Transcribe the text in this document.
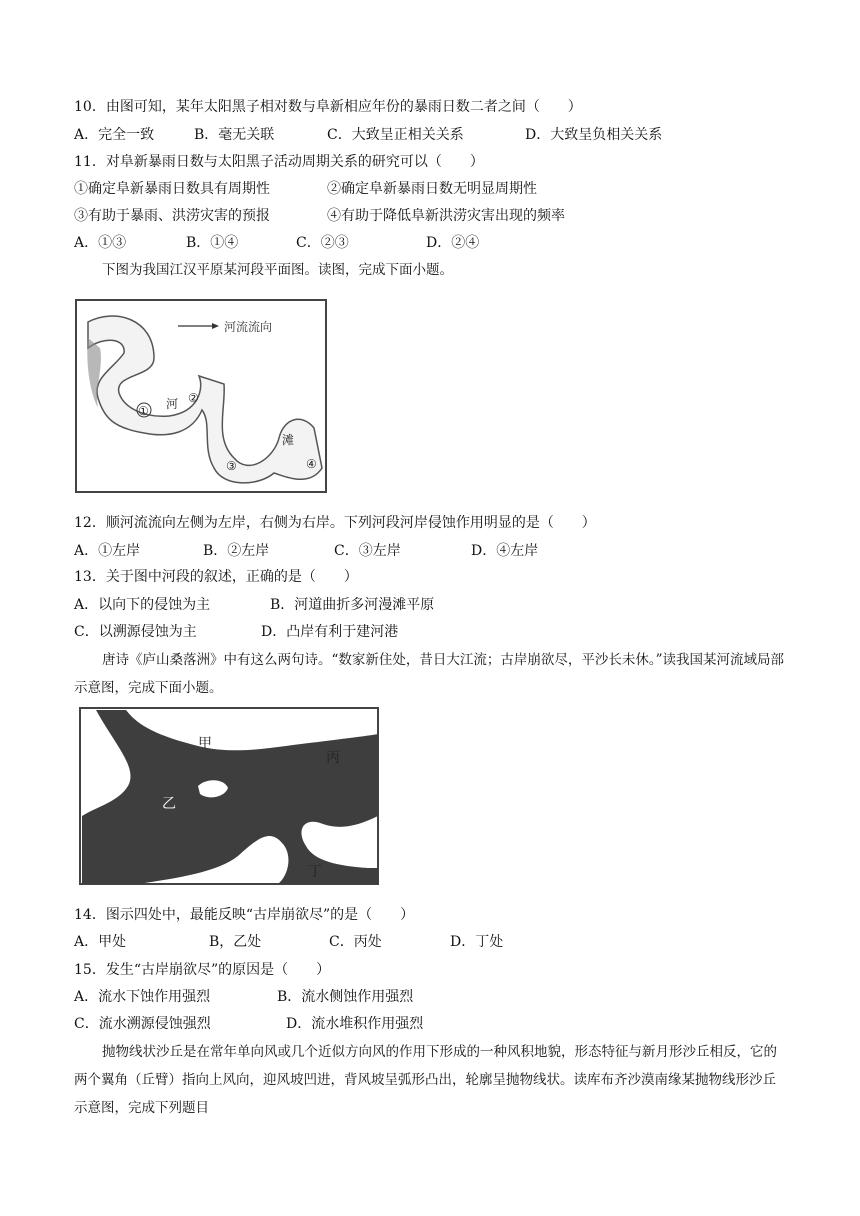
10．由图可知，某年太阳黑子相对数与阜新相应年份的暴雨日数二者之间（　　）
A．完全一致	B．毫无关联	C．大致呈正相关关系	D．大致呈负相关关系
11．对阜新暴雨日数与太阳黑子活动周期关系的研究可以（　　）
①确定阜新暴雨日数具有周期性	②确定阜新暴雨日数无明显周期性
③有助于暴雨、洪涝灾害的预报	④有助于降低阜新洪涝灾害出现的频率
A．①③	B．①④	C．②③	D．②④
下图为我国江汉平原某河段平面图。读图，完成下面小题。
河流流向
① 河 ②
滩
③	④
12．顺河流流向左侧为左岸，右侧为右岸。下列河段河岸侵蚀作用明显的是（　　）
A．①左岸	B．②左岸	C．③左岸	D．④左岸
13．关于图中河段的叙述，正确的是（　　）
A．以向下的侵蚀为主	B．河道曲折多河漫滩平原
C．以溯源侵蚀为主	D．凸岸有利于建河港
唐诗《庐山桑落洲》中有这么两句诗。“数家新住处，昔日大江流；古岸崩欲尽，平沙长未休。”读我国某河流域局部示意图，完成下面小题。
甲
乙
丙
丁
14．图示四处中，最能反映“古岸崩欲尽”的是（　　）
A．甲处	B，乙处	C．丙处	D．丁处
15．发生“古岸崩欲尽”的原因是（　　）
A．流水下蚀作用强烈	B．流水侧蚀作用强烈
C．流水溯源侵蚀强烈	D．流水堆积作用强烈
抛物线状沙丘是在常年单向风或几个近似方向风的作用下形成的一种风积地貌，形态特征与新月形沙丘相反，它的两个翼角（丘臂）指向上风向，迎风坡凹进，背风坡呈弧形凸出，轮廓呈抛物线状。读库布齐沙漠南缘某抛物线形沙丘示意图，完成下列题目
